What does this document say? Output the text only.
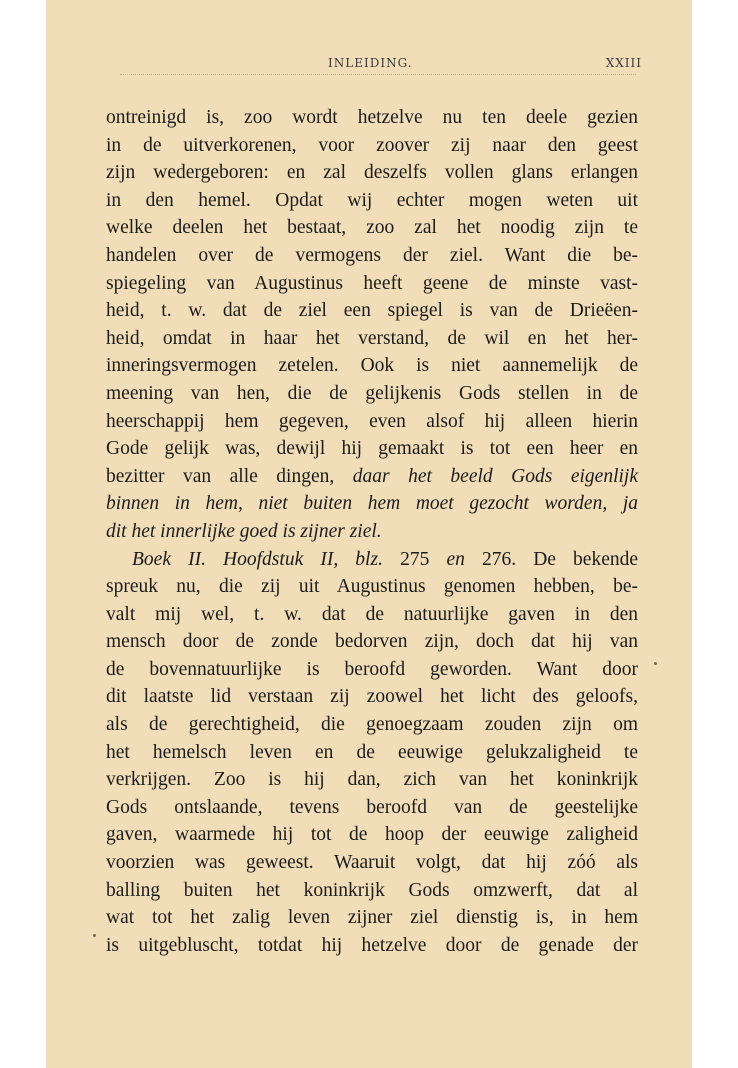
INLEIDING.	XXIII
ontreinigd is, zoo wordt hetzelve nu ten deele gezien
in de uitverkorenen, voor zoover zij naar den geest
zijn wedergeboren: en zal deszelfs vollen glans erlangen
in den hemel. Opdat wij echter mogen weten uit
welke deelen het bestaat, zoo zal het noodig zijn te
handelen over de vermogens der ziel. Want die be-
spiegeling van Augustinus heeft geene de minste vast-
heid, t. w. dat de ziel een spiegel is van de Drieëen-
heid, omdat in haar het verstand, de wil en het her-
inneringsvermogen zetelen. Ook is niet aannemelijk de
meening van hen, die de gelijkenis Gods stellen in de
heerschappij hem gegeven, even alsof hij alleen hierin
Gode gelijk was, dewijl hij gemaakt is tot een heer en
bezitter van alle dingen, daar het beeld Gods eigenlijk
binnen in hem, niet buiten hem moet gezocht worden, ja
dit het innerlijke goed is zijner ziel.
Boek II. Hoofdstuk II, blz. 275 en 276. De bekende
spreuk nu, die zij uit Augustinus genomen hebben, be-
valt mij wel, t. w. dat de natuurlijke gaven in den
mensch door de zonde bedorven zijn, doch dat hij van
de bovennatuurlijke is beroofd geworden. Want door
dit laatste lid verstaan zij zoowel het licht des geloofs,
als de gerechtigheid, die genoegzaam zouden zijn om
het hemelsch leven en de eeuwige gelukzaligheid te
verkrijgen. Zoo is hij dan, zich van het koninkrijk
Gods ontslaande, tevens beroofd van de geestelijke
gaven, waarmede hij tot de hoop der eeuwige zaligheid
voorzien was geweest. Waaruit volgt, dat hij zóó als
balling buiten het koninkrijk Gods omzwerft, dat al
wat tot het zalig leven zijner ziel dienstig is, in hem
is uitgebluscht, totdat hij hetzelve door de genade der
